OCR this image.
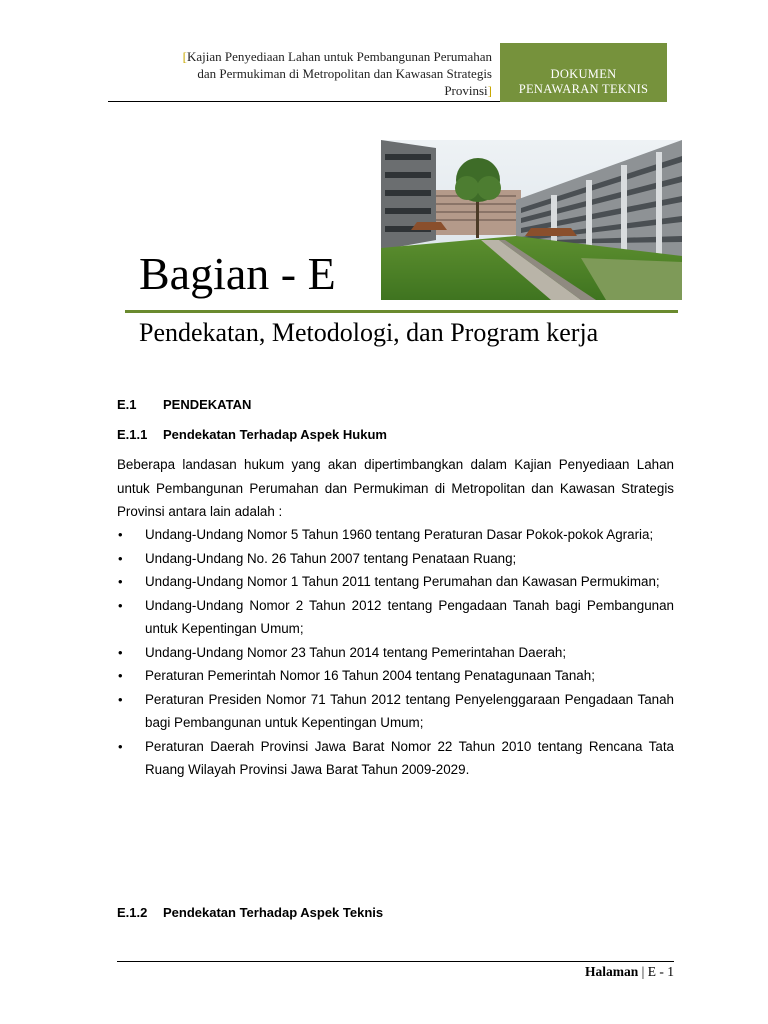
[Kajian Penyediaan Lahan untuk Pembangunan Perumahan
dan Permukiman di Metropolitan dan Kawasan Strategis
Provinsi]
DOKUMEN
PENAWARAN TEKNIS
Bagian - E
Pendekatan, Metodologi, dan Program kerja
E.1 PENDEKATAN
E.1.1 Pendekatan Terhadap Aspek Hukum
Beberapa landasan hukum yang akan dipertimbangkan dalam Kajian Penyediaan Lahan untuk Pembangunan Perumahan dan Permukiman di Metropolitan dan Kawasan Strategis Provinsi antara lain adalah :
• Undang-Undang Nomor 5 Tahun 1960 tentang Peraturan Dasar Pokok-pokok Agraria;
• Undang-Undang No. 26 Tahun 2007 tentang Penataan Ruang;
• Undang-Undang Nomor 1 Tahun 2011 tentang Perumahan dan Kawasan Permukiman;
• Undang-Undang Nomor 2 Tahun 2012 tentang Pengadaan Tanah bagi Pembangunan untuk Kepentingan Umum;
• Undang-Undang Nomor 23 Tahun 2014 tentang Pemerintahan Daerah;
• Peraturan Pemerintah Nomor 16 Tahun 2004 tentang Penatagunaan Tanah;
• Peraturan Presiden Nomor 71 Tahun 2012 tentang Penyelenggaraan Pengadaan Tanah bagi Pembangunan untuk Kepentingan Umum;
• Peraturan Daerah Provinsi Jawa Barat Nomor 22 Tahun 2010 tentang Rencana Tata Ruang Wilayah Provinsi Jawa Barat Tahun 2009-2029.
E.1.2 Pendekatan Terhadap Aspek Teknis
Halaman | E - 1
